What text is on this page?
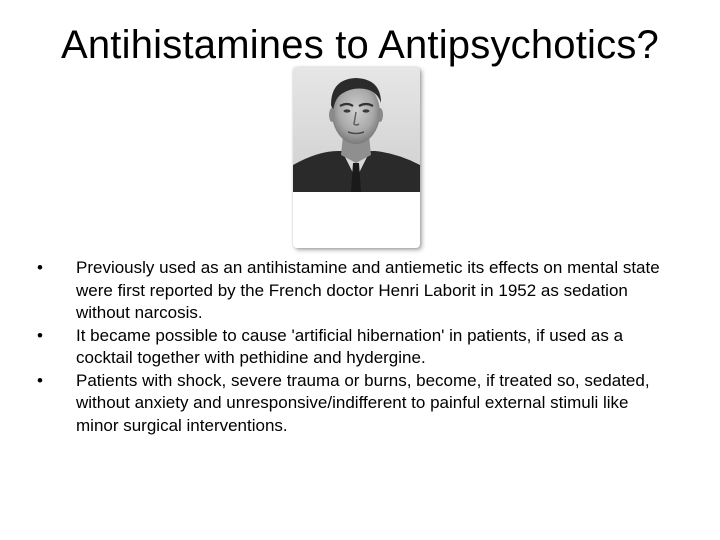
Antihistamines to Antipsychotics?
•	Previously used as an antihistamine and antiemetic its effects on mental state were first reported by the French doctor Henri Laborit in 1952 as sedation without narcosis.
•	It became possible to cause 'artificial hibernation' in patients, if used as a cocktail together with pethidine and hydergine.
•	Patients with shock, severe trauma or burns, become, if treated so, sedated, without anxiety and unresponsive/indifferent to painful external stimuli like minor surgical interventions.
